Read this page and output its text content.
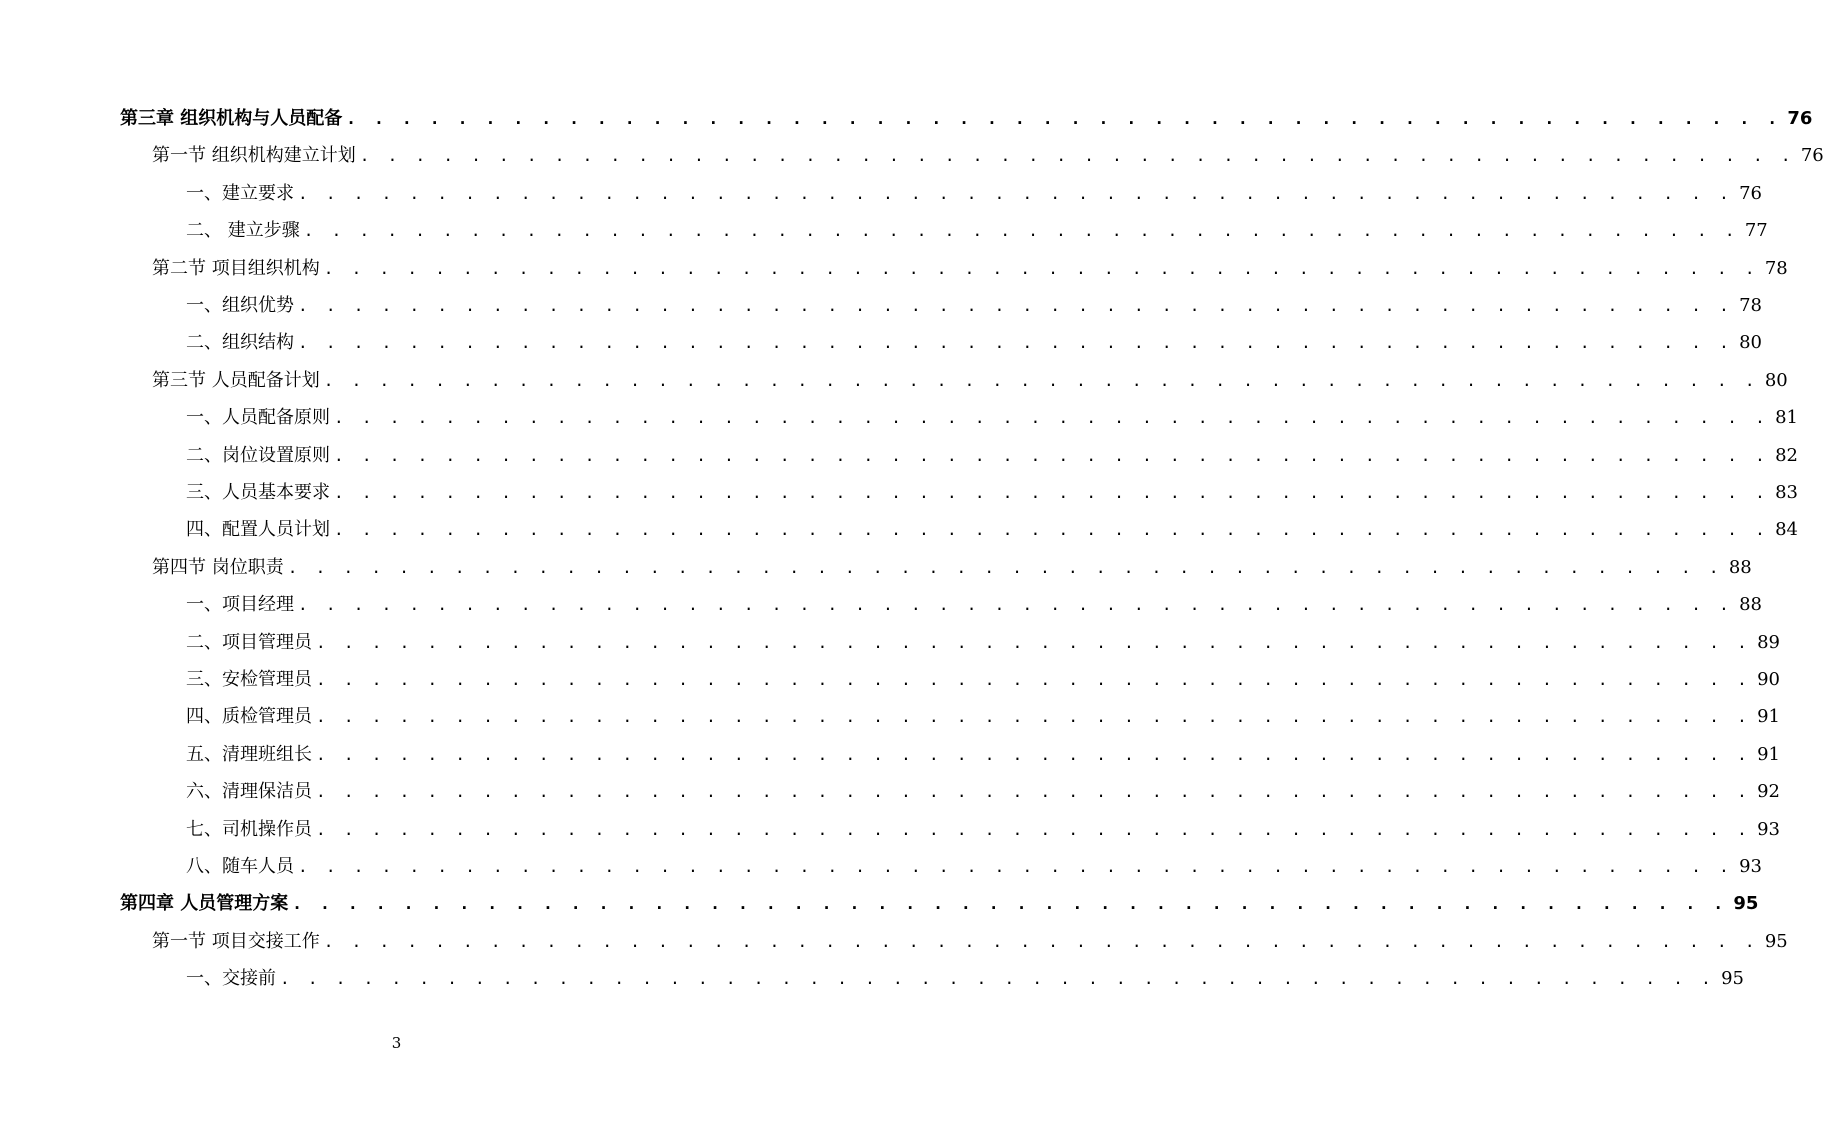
第三章 组织机构与人员配备 . . . . . . . . . . . . . . . . . . . . . . . . . . . . . . . . . . . . . . . . . . . . . . . . . . . . 76
第一节 组织机构建立计划 . . . . . . . . . . . . . . . . . . . . . . . . . . . . . . . . . . . . . . . . . . . . . . . . . . . . 76
一、建立要求 . . . . . . . . . . . . . . . . . . . . . . . . . . . . . . . . . . . . . . . . . . . . . . . . . . . . 76
二、 建立步骤 . . . . . . . . . . . . . . . . . . . . . . . . . . . . . . . . . . . . . . . . . . . . . . . . . . . . 77
第二节 项目组织机构 . . . . . . . . . . . . . . . . . . . . . . . . . . . . . . . . . . . . . . . . . . . . . . . . . . . . 78
一、组织优势 . . . . . . . . . . . . . . . . . . . . . . . . . . . . . . . . . . . . . . . . . . . . . . . . . . . . 78
二、组织结构 . . . . . . . . . . . . . . . . . . . . . . . . . . . . . . . . . . . . . . . . . . . . . . . . . . . . 80
第三节 人员配备计划 . . . . . . . . . . . . . . . . . . . . . . . . . . . . . . . . . . . . . . . . . . . . . . . . . . . . 80
一、人员配备原则 . . . . . . . . . . . . . . . . . . . . . . . . . . . . . . . . . . . . . . . . . . . . . . . . . . . . 81
二、岗位设置原则 . . . . . . . . . . . . . . . . . . . . . . . . . . . . . . . . . . . . . . . . . . . . . . . . . . . . 82
三、人员基本要求 . . . . . . . . . . . . . . . . . . . . . . . . . . . . . . . . . . . . . . . . . . . . . . . . . . . . 83
四、配置人员计划 . . . . . . . . . . . . . . . . . . . . . . . . . . . . . . . . . . . . . . . . . . . . . . . . . . . . 84
第四节 岗位职责 . . . . . . . . . . . . . . . . . . . . . . . . . . . . . . . . . . . . . . . . . . . . . . . . . . . . 88
一、项目经理 . . . . . . . . . . . . . . . . . . . . . . . . . . . . . . . . . . . . . . . . . . . . . . . . . . . . 88
二、项目管理员 . . . . . . . . . . . . . . . . . . . . . . . . . . . . . . . . . . . . . . . . . . . . . . . . . . . . 89
三、安检管理员 . . . . . . . . . . . . . . . . . . . . . . . . . . . . . . . . . . . . . . . . . . . . . . . . . . . . 90
四、质检管理员 . . . . . . . . . . . . . . . . . . . . . . . . . . . . . . . . . . . . . . . . . . . . . . . . . . . . 91
五、清理班组长 . . . . . . . . . . . . . . . . . . . . . . . . . . . . . . . . . . . . . . . . . . . . . . . . . . . . 91
六、清理保洁员 . . . . . . . . . . . . . . . . . . . . . . . . . . . . . . . . . . . . . . . . . . . . . . . . . . . . 92
七、司机操作员 . . . . . . . . . . . . . . . . . . . . . . . . . . . . . . . . . . . . . . . . . . . . . . . . . . . . 93
八、随车人员 . . . . . . . . . . . . . . . . . . . . . . . . . . . . . . . . . . . . . . . . . . . . . . . . . . . . 93
第四章 人员管理方案 . . . . . . . . . . . . . . . . . . . . . . . . . . . . . . . . . . . . . . . . . . . . . . . . . . . . 95
第一节 项目交接工作 . . . . . . . . . . . . . . . . . . . . . . . . . . . . . . . . . . . . . . . . . . . . . . . . . . . . 95
一、交接前 . . . . . . . . . . . . . . . . . . . . . . . . . . . . . . . . . . . . . . . . . . . . . . . . . . . . 95
3
